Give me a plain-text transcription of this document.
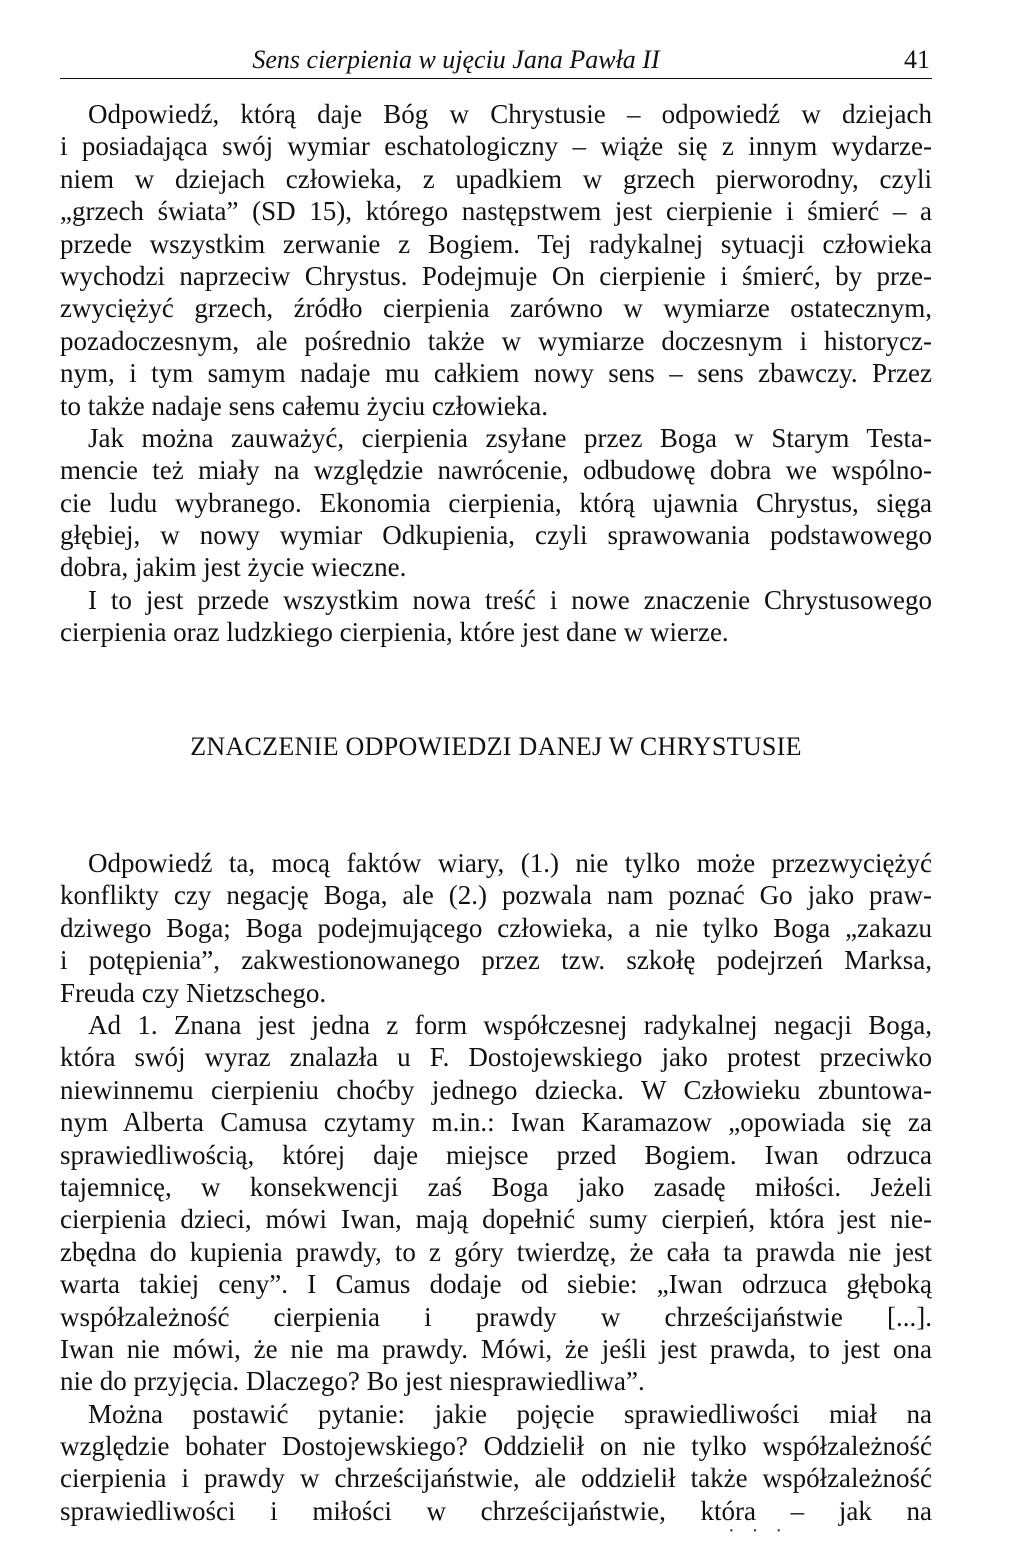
Sens cierpienia w ujęciu Jana Pawła II	41
Odpowiedź, którą daje Bóg w Chrystusie – odpowiedź w dziejach
i posiadająca swój wymiar eschatologiczny – wiąże się z innym wydarze-
niem w dziejach człowieka, z upadkiem w grzech pierworodny, czyli
„grzech świata” (SD 15), którego następstwem jest cierpienie i śmierć – a
przede wszystkim zerwanie z Bogiem. Tej radykalnej sytuacji człowieka
wychodzi naprzeciw Chrystus. Podejmuje On cierpienie i śmierć, by prze-
zwyciężyć grzech, źródło cierpienia zarówno w wymiarze ostatecznym,
pozadoczesnym, ale pośrednio także w wymiarze doczesnym i historycz-
nym, i tym samym nadaje mu całkiem nowy sens – sens zbawczy. Przez
to także nadaje sens całemu życiu człowieka.
Jak można zauważyć, cierpienia zsyłane przez Boga w Starym Testa-
mencie też miały na względzie nawrócenie, odbudowę dobra we wspólno-
cie ludu wybranego. Ekonomia cierpienia, którą ujawnia Chrystus, sięga
głębiej, w nowy wymiar Odkupienia, czyli sprawowania podstawowego
dobra, jakim jest życie wieczne.
I to jest przede wszystkim nowa treść i nowe znaczenie Chrystusowego
cierpienia oraz ludzkiego cierpienia, które jest dane w wierze.
ZNACZENIE ODPOWIEDZI DANEJ W CHRYSTUSIE
Odpowiedź ta, mocą faktów wiary, (1.) nie tylko może przezwyciężyć
konflikty czy negację Boga, ale (2.) pozwala nam poznać Go jako praw-
dziwego Boga; Boga podejmującego człowieka, a nie tylko Boga „zakazu
i potępienia”, zakwestionowanego przez tzw. szkołę podejrzeń Marksa,
Freuda czy Nietzschego.
Ad 1. Znana jest jedna z form współczesnej radykalnej negacji Boga,
która swój wyraz znalazła u F. Dostojewskiego jako protest przeciwko
niewinnemu cierpieniu choćby jednego dziecka. W Człowieku zbuntowa-
nym Alberta Camusa czytamy m.in.: Iwan Karamazow „opowiada się za
sprawiedliwością, której daje miejsce przed Bogiem. Iwan odrzuca
tajemnicę, w konsekwencji zaś Boga jako zasadę miłości. Jeżeli
cierpienia dzieci, mówi Iwan, mają dopełnić sumy cierpień, która jest nie-
zbędna do kupienia prawdy, to z góry twierdzę, że cała ta prawda nie jest
warta takiej ceny”. I Camus dodaje od siebie: „Iwan odrzuca głęboką
współzależność cierpienia i prawdy w chrześcijaństwie [...].
Iwan nie mówi, że nie ma prawdy. Mówi, że jeśli jest prawda, to jest ona
nie do przyjęcia. Dlaczego? Bo jest niesprawiedliwa”.
Można postawić pytanie: jakie pojęcie sprawiedliwości miał na
względzie bohater Dostojewskiego? Oddzielił on nie tylko współzależność
cierpienia i prawdy w chrześcijaństwie, ale oddzielił także współzależność
sprawiedliwości i miłości w chrześcijaństwie, która – jak na
· · ·
